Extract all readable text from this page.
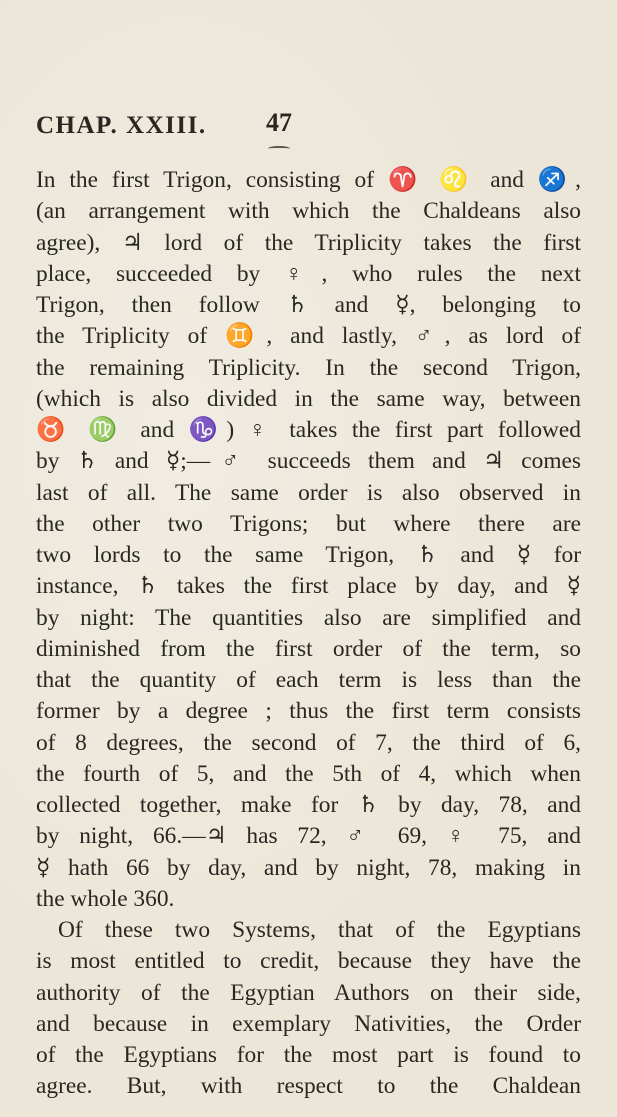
CHAP. XXIII. 47
In the first Trigon, consisting of ♈ ♌ and ♐,
(an arrangement with which the Chaldeans also
agree), ♃ lord of the Triplicity takes the first
place, succeeded by ♀, who rules the next
Trigon, then follow ♄ and ☿, belonging to
the Triplicity of ♊, and lastly, ♂, as lord of
the remaining Triplicity. In the second Trigon,
(which is also divided in the same way, between
♉ ♍ and ♑) ♀ takes the first part followed
by ♄ and ☿;—♂ succeeds them and ♃ comes
last of all. The same order is also observed in
the other two Trigons; but where there are
two lords to the same Trigon, ♄ and ☿ for
instance, ♄ takes the first place by day, and ☿
by night: The quantities also are simplified and
diminished from the first order of the term, so
that the quantity of each term is less than the
former by a degree ; thus the first term consists
of 8 degrees, the second of 7, the third of 6,
the fourth of 5, and the 5th of 4, which when
collected together, make for ♄ by day, 78, and
by night, 66.—♃ has 72, ♂ 69, ♀ 75, and
☿ hath 66 by day, and by night, 78, making in
the whole 360.
Of these two Systems, that of the Egyptians
is most entitled to credit, because they have the
authority of the Egyptian Authors on their side,
and because in exemplary Nativities, the Order
of the Egyptians for the most part is found to
agree. But, with respect to the Chaldean
